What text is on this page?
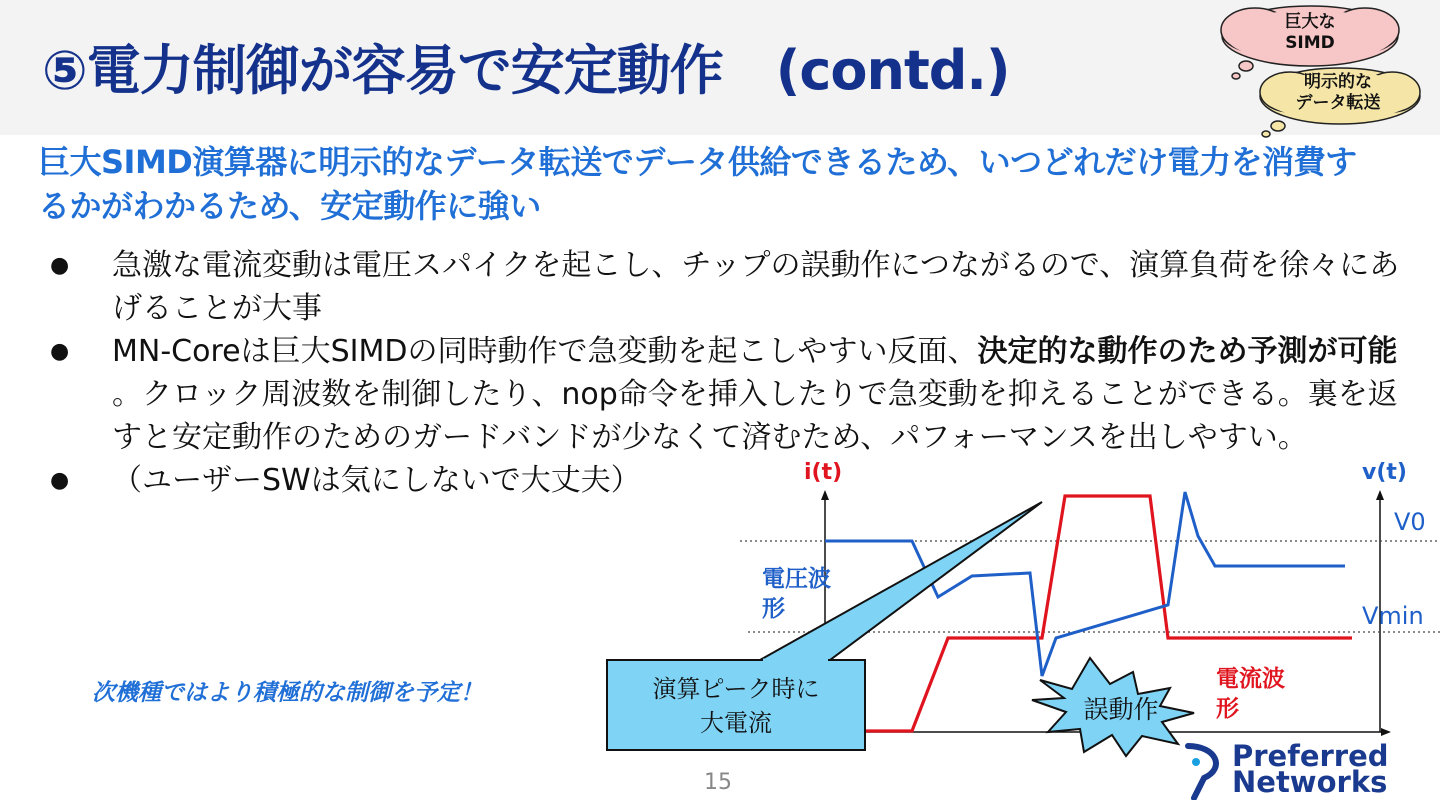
⑤電力制御が容易で安定動作　(contd.)
巨大SIMD演算器に明示的なデータ転送でデータ供給できるため、いつどれだけ電力を消費するかがわかるため、安定動作に強い
● 急激な電流変動は電圧スパイクを起こし、チップの誤動作につながるので、演算負荷を徐々にあげることが大事
● MN-Coreは巨大SIMDの同時動作で急変動を起こしやすい反面、決定的な動作のため予測が可能 。クロック周波数を制御したり、nop命令を挿入したりで急変動を抑えることができる。裏を返すと安定動作のためのガードバンドが少なくて済むため、パフォーマンスを出しやすい。
● （ユーザーSWは気にしないで大丈夫）
巨大な
SIMD
明示的な
データ転送
i(t)	v(t)
V0
Vmin
電圧波
形
電流波
形
演算ピーク時に
大電流	誤動作
次機種ではより積極的な制御を予定！
15
Preferred
Networks
